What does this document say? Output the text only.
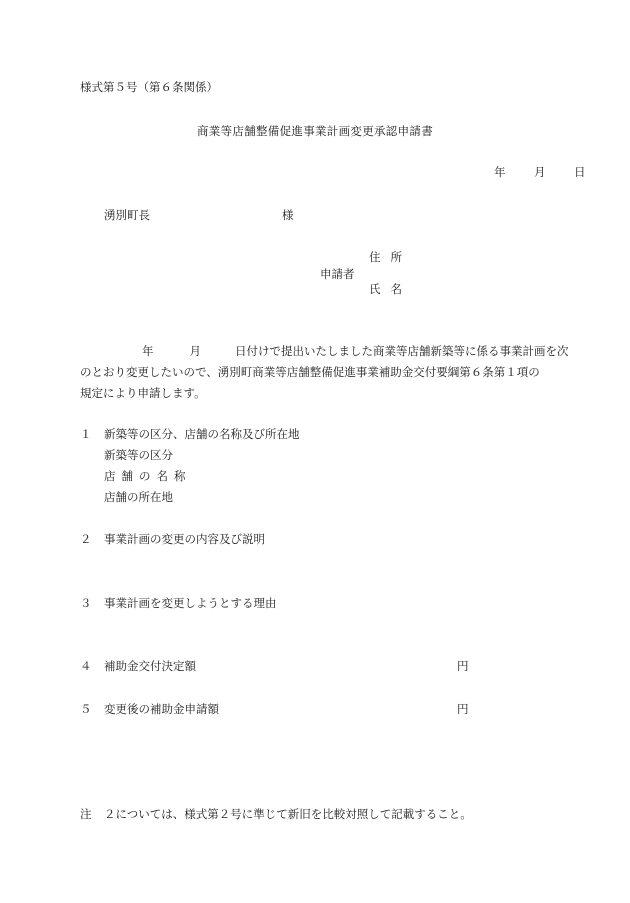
様式第５号（第６条関係）
商業等店舗整備促進事業計画変更承認申請書
年 月 日
湧別町長	様
住所
申請者
氏名
年	月	日付けで提出いたしました商業等店舗新築等に係る事業計画を次
のとおり変更したいので、湧別町商業等店舗整備促進事業補助金交付要綱第６条第１項の
規定により申請します。
１ 新築等の区分、店舗の名称及び所在地
新築等の区分
店舗の名称
店舗の所在地
２ 事業計画の変更の内容及び説明
３ 事業計画を変更しようとする理由
４ 補助金交付決定額	円
５ 変更後の補助金申請額	円
注 ２については、様式第２号に準じて新旧を比較対照して記載すること。
